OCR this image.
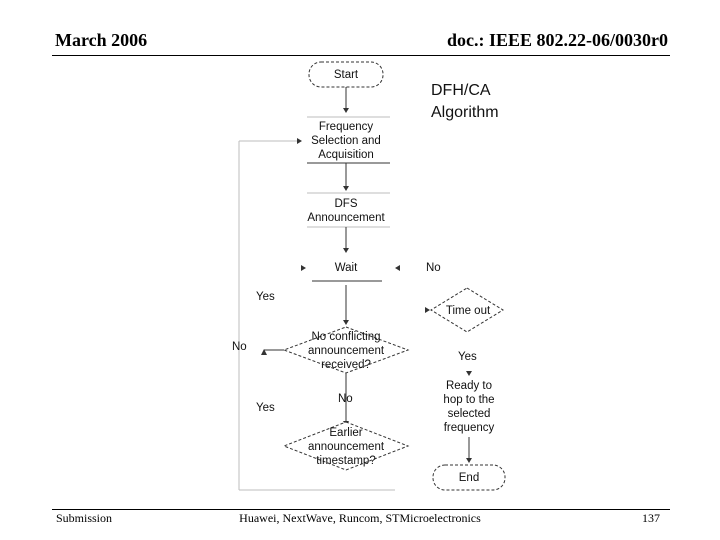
March 2006	doc.: IEEE 802.22-06/0030r0
DFH/CA
Algorithm
Start
Frequency
Selection and
Acquisition
DFS
Announcement
Wait	No
Yes
Time out
Yes
No conflicting
announcement
received?
No
No
Ready to
hop to the
selected
frequency
Yes
Earlier
announcement
timestamp?
End
Submission	Huawei, NextWave, Runcom, STMicroelectronics	137
